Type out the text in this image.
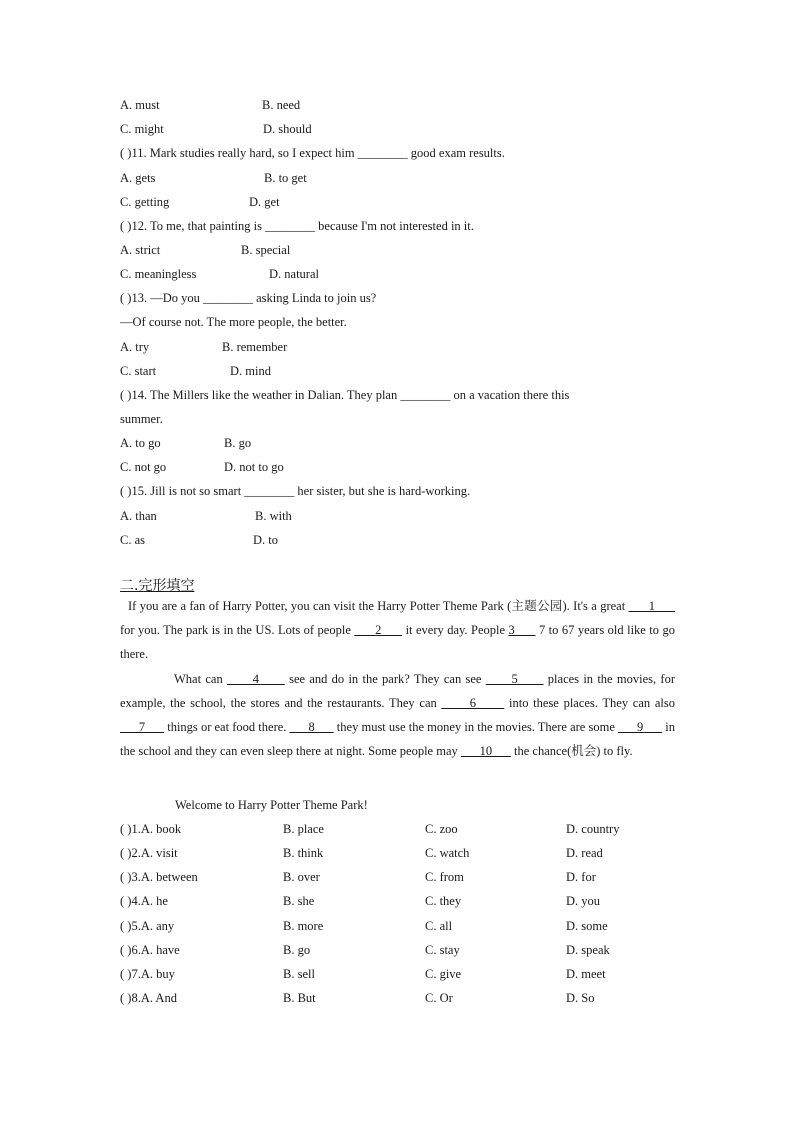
A. must	B. need
C. might	D. should
( )11. Mark studies really hard, so I expect him ________ good exam results.
A. gets	B. to get
C. getting	D. get
( )12. To me, that painting is ________ because I'm not interested in it.
A. strict	B. special
C. meaningless	D. natural
( )13. —Do you ________ asking Linda to join us?
—Of course not. The more people, the better.
A. try	B. remember
C. start	D. mind
( )14. The Millers like the weather in Dalian. They plan ________ on a vacation there this
summer.
A. to go	B. go
C. not go	D. not to go
( )15. Jill is not so smart ________ her sister, but she is hard-working.
A. than	B. with
C. as	D. to
二.完形填空
If you are a fan of Harry Potter, you can visit the Harry Potter Theme Park (主题公园). It's a great       1       for you. The park is in the US. Lots of people       2       it every day. People 3       7 to 67 years old like to go there.
What can       4       see and do in the park? They can see       5       places in the movies, for example, the school, the stores and the restaurants. They can       6       into these places. They can also       7       things or eat food there.       8       they must use the money in the movies. There are some       9       in the school and they can even sleep there at night. Some people may       10       the chance(机会) to fly.
Welcome to Harry Potter Theme Park!
( )1.A. book	B. place	C. zoo	D. country
( )2.A. visit	B. think	C. watch	D. read
( )3.A. between	B. over	C. from	D. for
( )4.A. he	B. she	C. they	D. you
( )5.A. any	B. more	C. all	D. some
( )6.A. have	B. go	C. stay	D. speak
( )7.A. buy	B. sell	C. give	D. meet
( )8.A. And	B. But	C. Or	D. So
